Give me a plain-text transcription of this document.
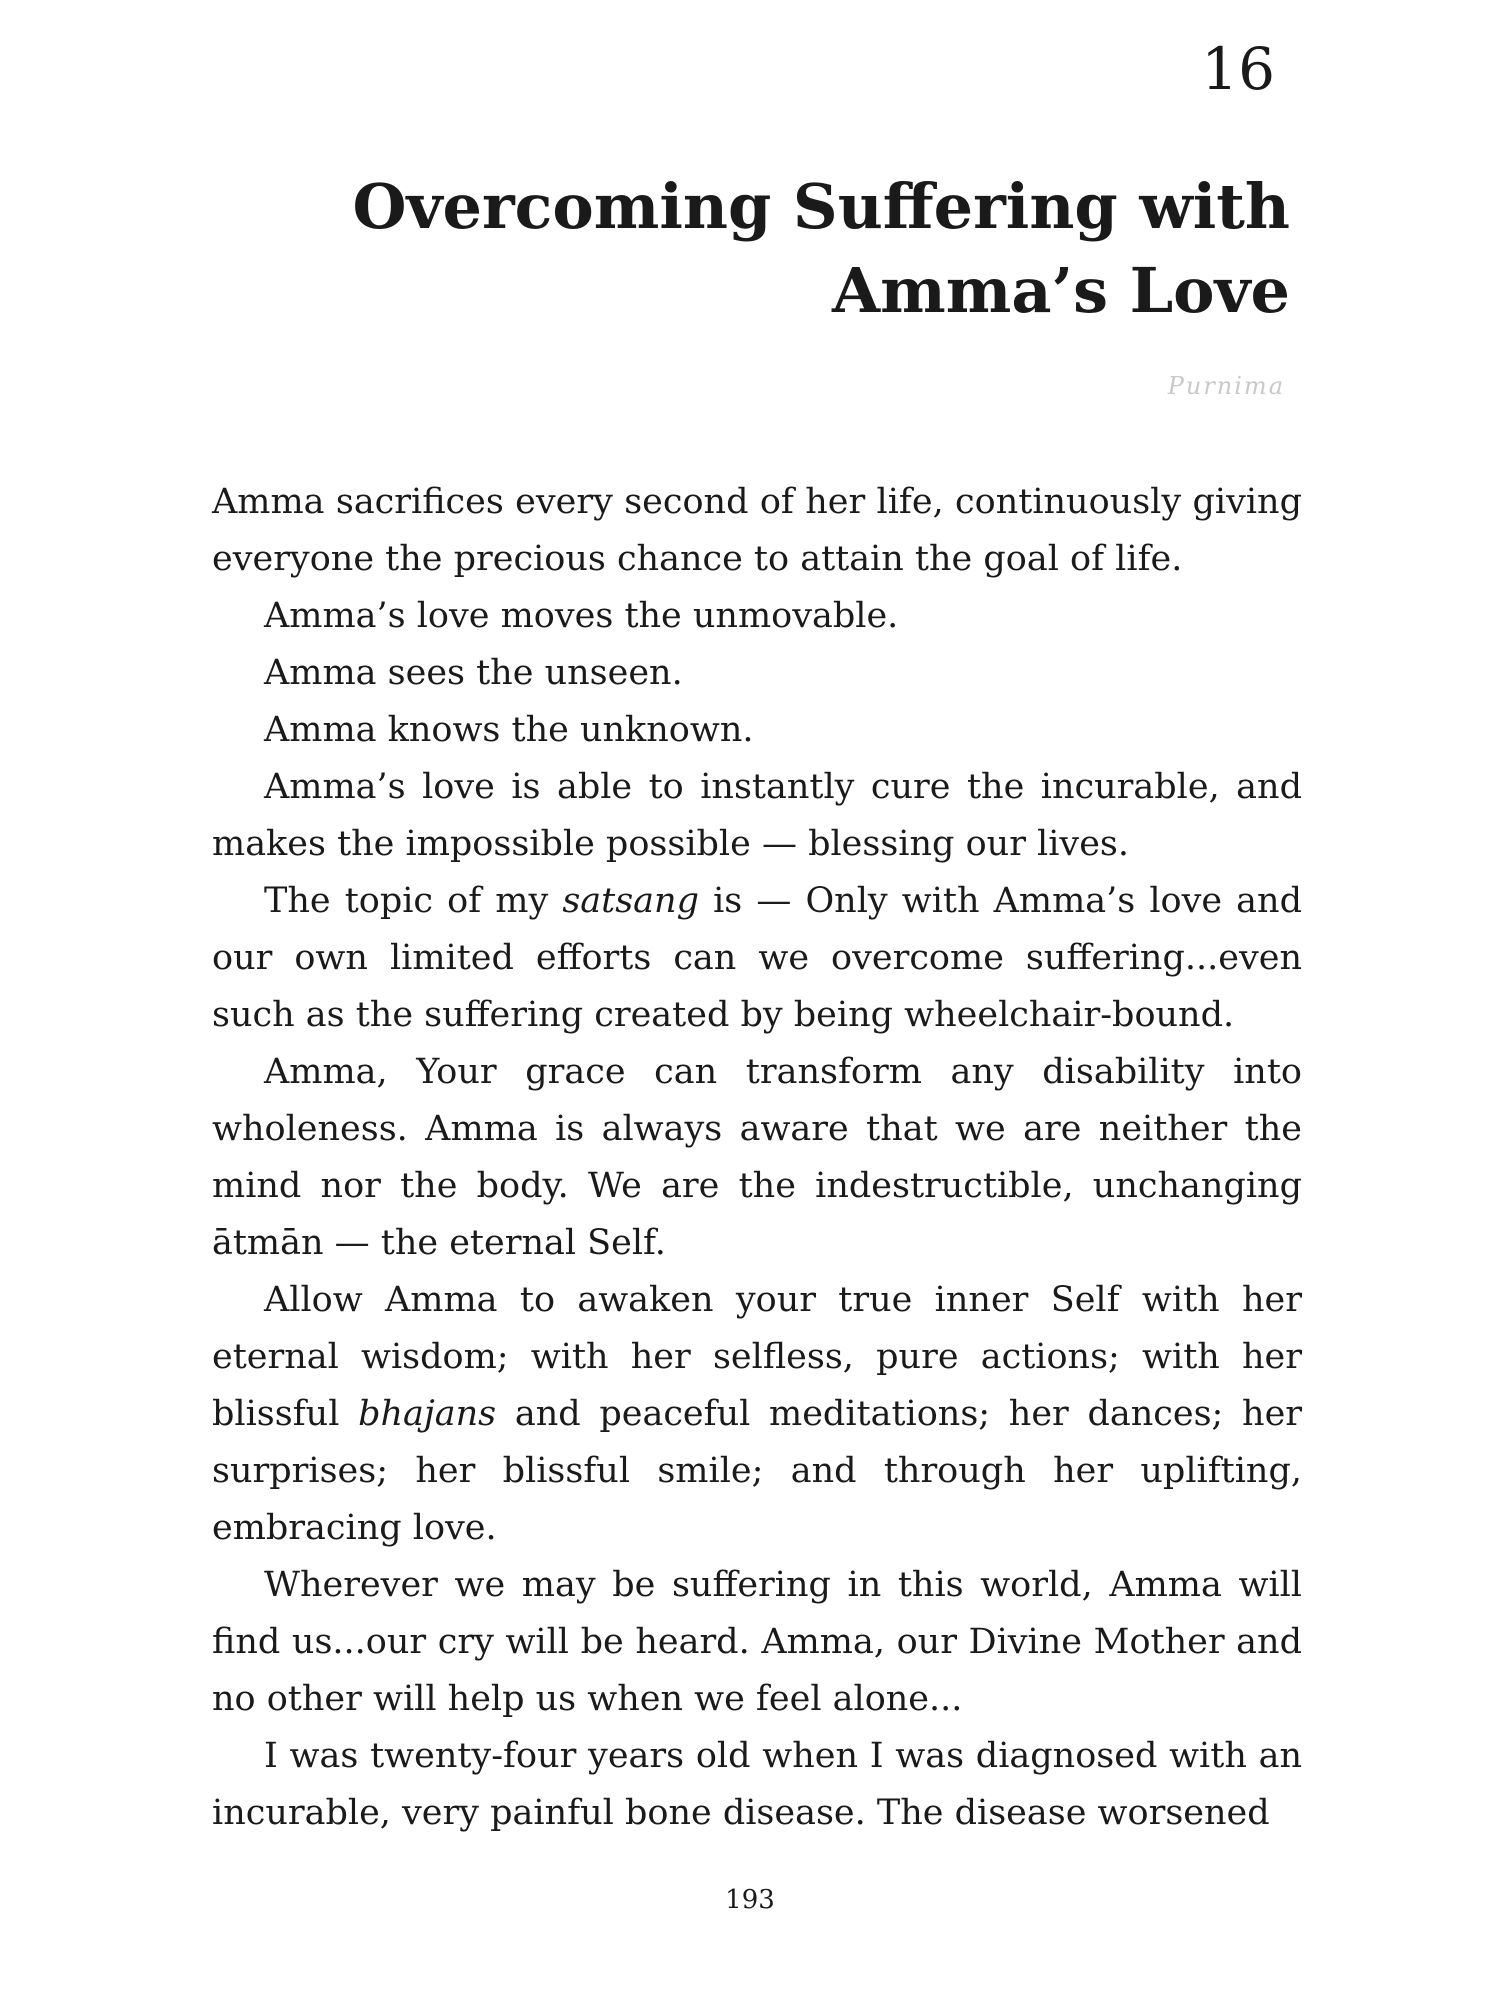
16
Overcoming Suffering with
Amma’s Love
Purnima

Amma sacrifices every second of her life, continuously giving everyone the precious chance to attain the goal of life.

Amma’s love moves the unmovable.

Amma sees the unseen.

Amma knows the unknown.

Amma’s love is able to instantly cure the incurable, and makes the impossible possible — blessing our lives.

The topic of my satsang is — Only with Amma’s love and our own limited efforts can we overcome suffering...even such as the suffering created by being wheelchair-bound.

Amma, Your grace can transform any disability into wholeness. Amma is always aware that we are neither the mind nor the body. We are the indestructible, unchanging ātmān — the eternal Self.

Allow Amma to awaken your true inner Self with her eternal wisdom; with her selfless, pure actions; with her blissful bhajans and peaceful meditations; her dances; her surprises; her blissful smile; and through her uplifting, embracing love.

Wherever we may be suffering in this world, Amma will find us...our cry will be heard. Amma, our Divine Mother and no other will help us when we feel alone...

I was twenty-four years old when I was diagnosed with an incurable, very painful bone disease. The disease worsened

193
